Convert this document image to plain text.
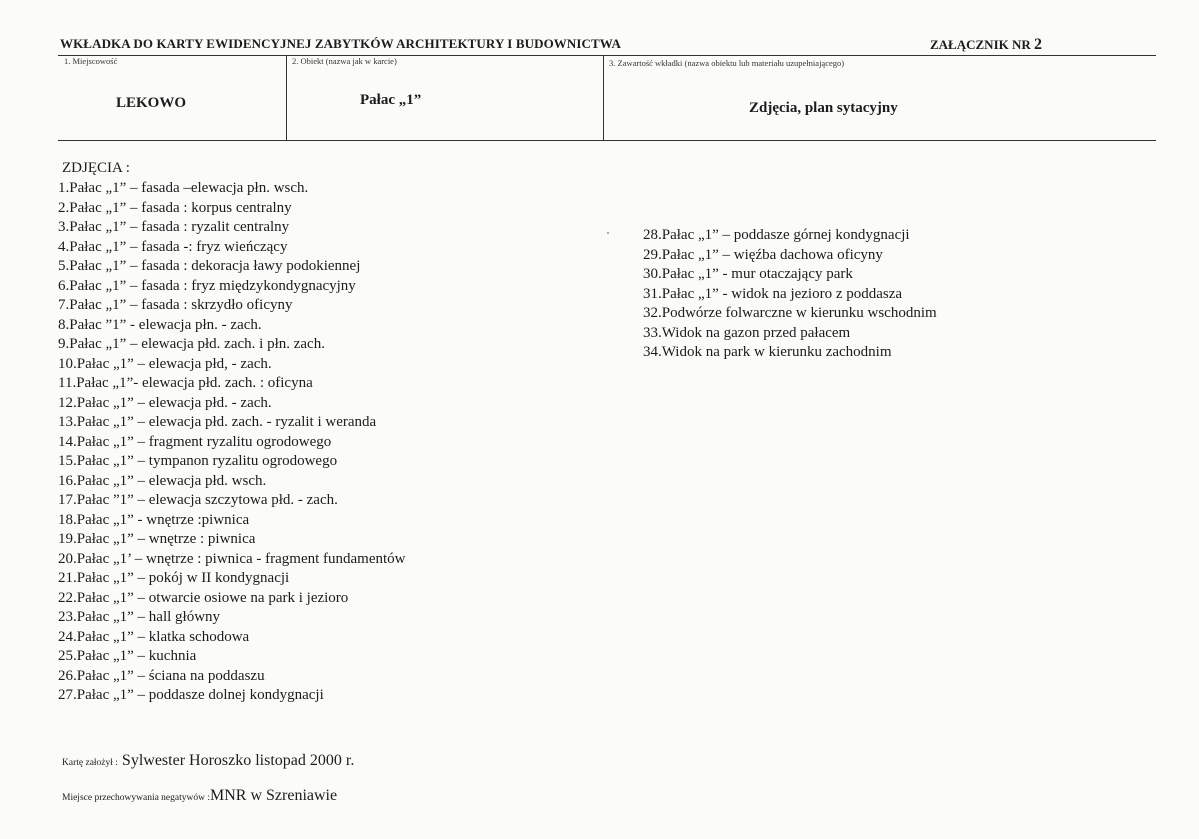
WKŁADKA DO KARTY EWIDENCYJNEJ ZABYTKÓW ARCHITEKTURY I BUDOWNICTWA	ZAŁĄCZNIK NR 2
1. Miejscowość
LEKOWO
2. Obiekt (nazwa jak w karcie)
Pałac „1”
3. Zawartość wkładki (nazwa obiektu lub materiału uzupełniającego)
Zdjęcia, plan sytacyjny
ZDJĘCIA :
1.Pałac „1” – fasada –elewacja płn. wsch.
2.Pałac „1” – fasada : korpus centralny
3.Pałac „1” – fasada : ryzalit centralny
4.Pałac „1” – fasada -: fryz wieńczący
5.Pałac „1” – fasada : dekoracja ławy podokiennej
6.Pałac „1” – fasada : fryz międzykondygnacyjny
7.Pałac „1” – fasada : skrzydło oficyny
8.Pałac ”1” - elewacja płn. - zach.
9.Pałac „1” – elewacja płd. zach. i płn. zach.
10.Pałac „1” – elewacja płd, - zach.
11.Pałac „1”- elewacja płd. zach. : oficyna
12.Pałac „1” – elewacja płd. - zach.
13.Pałac „1” – elewacja płd. zach. - ryzalit i weranda
14.Pałac „1” – fragment ryzalitu ogrodowego
15.Pałac „1” – tympanon ryzalitu ogrodowego
16.Pałac „1” – elewacja płd. wsch.
17.Pałac ”1” – elewacja szczytowa płd. - zach.
18.Pałac „1” - wnętrze :piwnica
19.Pałac „1” – wnętrze : piwnica
20.Pałac „1’ – wnętrze : piwnica - fragment fundamentów
21.Pałac „1” – pokój w II kondygnacji
22.Pałac „1” – otwarcie osiowe na park i jezioro
23.Pałac „1” – hall główny
24.Pałac „1” – klatka schodowa
25.Pałac „1” – kuchnia
26.Pałac „1” – ściana na poddaszu
27.Pałac „1” – poddasze dolnej kondygnacji
28.Pałac „1” – poddasze górnej kondygnacji
29.Pałac „1” – więźba dachowa oficyny
30.Pałac „1” - mur otaczający park
31.Pałac „1” - widok na jezioro z poddasza
32.Podwórze folwarczne w kierunku wschodnim
33.Widok na gazon przed pałacem
34.Widok na park w kierunku zachodnim
Kartę założył : Sylwester Horoszko listopad 2000 r.
Miejsce przechowywania negatywów :MNR w Szreniawie
